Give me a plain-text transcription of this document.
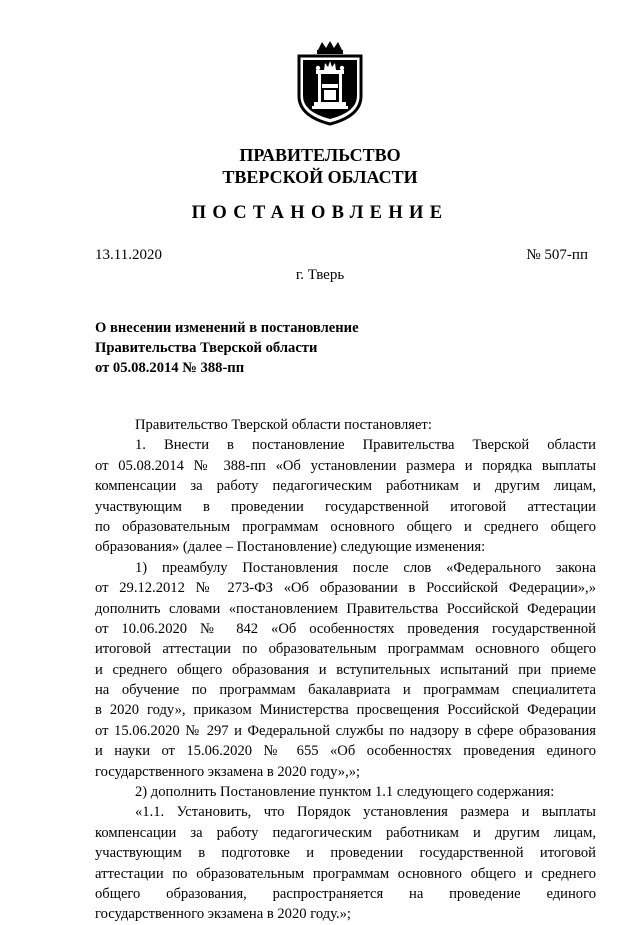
ПРАВИТЕЛЬСТВО
ТВЕРСКОЙ ОБЛАСТИ
ПОСТАНОВЛЕНИЕ
13.11.2020	№ 507-пп
г. Тверь
О внесении изменений в постановление
Правительства Тверской области
от 05.08.2014 № 388-пп
Правительство Тверской области постановляет:
1. Внести в постановление Правительства Тверской области
от 05.08.2014 № 388-пп «Об установлении размера и порядка выплаты
компенсации за работу педагогическим работникам и другим лицам,
участвующим в проведении государственной итоговой аттестации
по образовательным программам основного общего и среднего общего
образования» (далее – Постановление) следующие изменения:
1) преамбулу Постановления после слов «Федерального закона
от 29.12.2012 № 273-ФЗ «Об образовании в Российской Федерации»,»
дополнить словами «постановлением Правительства Российской Федерации
от 10.06.2020 № 842 «Об особенностях проведения государственной
итоговой аттестации по образовательным программам основного общего
и среднего общего образования и вступительных испытаний при приеме
на обучение по программам бакалавриата и программам специалитета
в 2020 году», приказом Министерства просвещения Российской Федерации
от 15.06.2020 № 297 и Федеральной службы по надзору в сфере образования
и науки от 15.06.2020 № 655 «Об особенностях проведения единого
государственного экзамена в 2020 году»,»;
2) дополнить Постановление пунктом 1.1 следующего содержания:
«1.1. Установить, что Порядок установления размера и выплаты
компенсации за работу педагогическим работникам и другим лицам,
участвующим в подготовке и проведении государственной итоговой
аттестации по образовательным программам основного общего и среднего
общего образования, распространяется на проведение единого
государственного экзамена в 2020 году.»;
